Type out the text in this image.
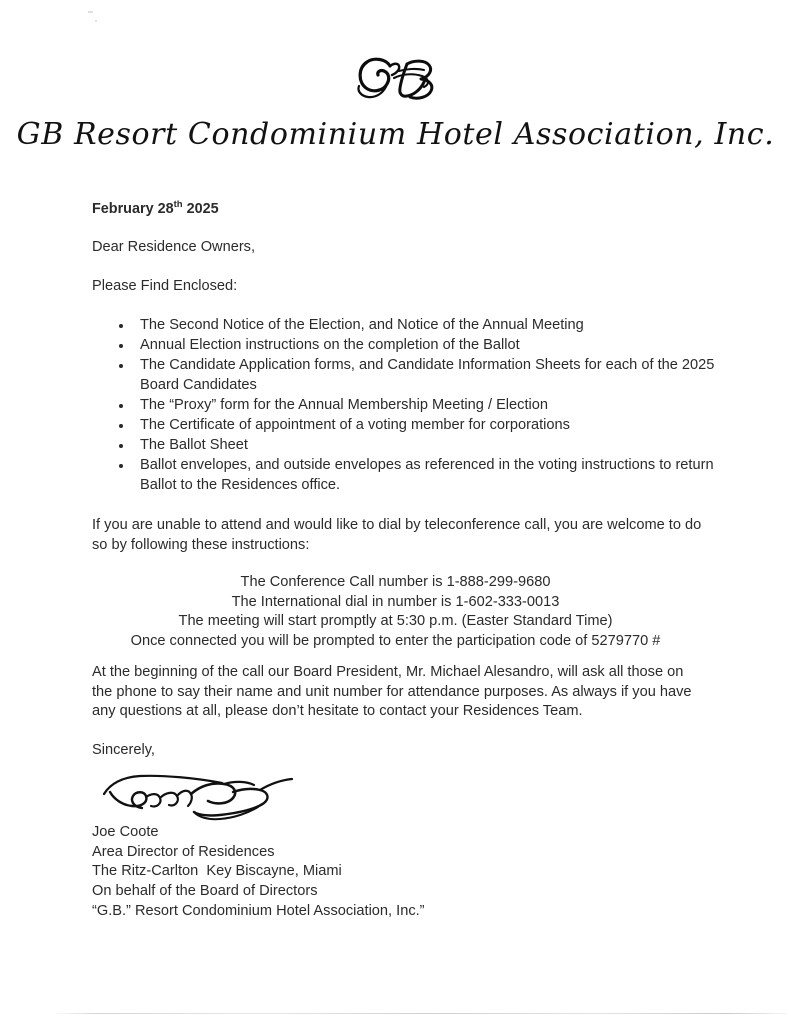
GB Resort Condominium Hotel Association, Inc.
February 28th 2025
Dear Residence Owners,
Please Find Enclosed:
The Second Notice of the Election, and Notice of the Annual Meeting
Annual Election instructions on the completion of the Ballot
The Candidate Application forms, and Candidate Information Sheets for each of the 2025 Board Candidates
The “Proxy” form for the Annual Membership Meeting / Election
The Certificate of appointment of a voting member for corporations
The Ballot Sheet
Ballot envelopes, and outside envelopes as referenced in the voting instructions to return Ballot to the Residences office.
If you are unable to attend and would like to dial by teleconference call, you are welcome to do so by following these instructions:
The Conference Call number is 1-888-299-9680
The International dial in number is 1-602-333-0013
The meeting will start promptly at 5:30 p.m. (Easter Standard Time)
Once connected you will be prompted to enter the participation code of 5279770 #
At the beginning of the call our Board President, Mr. Michael Alesandro, will ask all those on the phone to say their name and unit number for attendance purposes. As always if you have any questions at all, please don’t hesitate to contact your Residences Team.
Sincerely,
Joe Coote
Area Director of Residences
The Ritz-Carlton  Key Biscayne, Miami
On behalf of the Board of Directors
“G.B.” Resort Condominium Hotel Association, Inc.”
